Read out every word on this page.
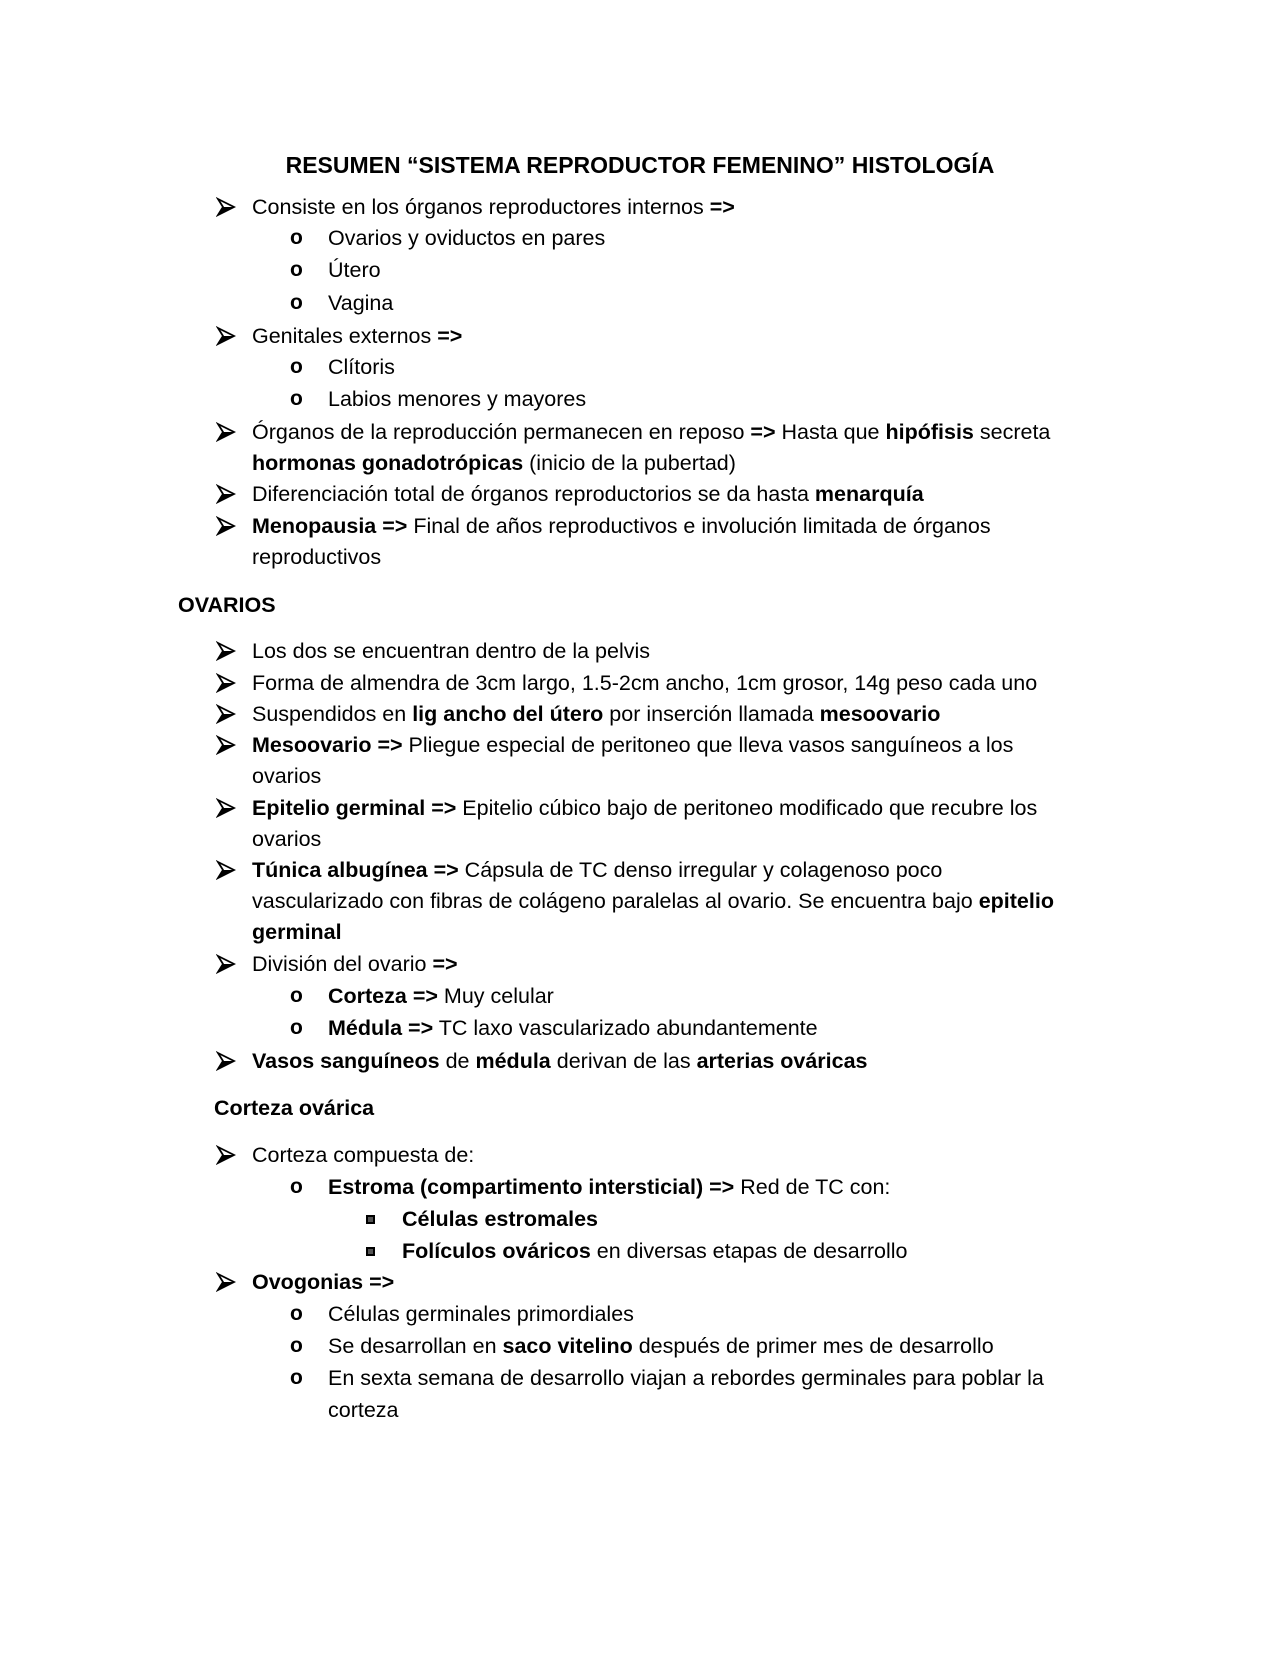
RESUMEN “SISTEMA REPRODUCTOR FEMENINO” HISTOLOGÍA
Consiste en los órganos reproductores internos =>
o Ovarios y oviductos en pares
o Útero
o Vagina
Genitales externos =>
o Clítoris
o Labios menores y mayores
Órganos de la reproducción permanecen en reposo => Hasta que hipófisis secreta
hormonas gonadotrópicas (inicio de la pubertad)
Diferenciación total de órganos reproductorios se da hasta menarquía
Menopausia => Final de años reproductivos e involución limitada de órganos
reproductivos
OVARIOS
Los dos se encuentran dentro de la pelvis
Forma de almendra de 3cm largo, 1.5-2cm ancho, 1cm grosor, 14g peso cada uno
Suspendidos en lig ancho del útero por inserción llamada mesoovario
Mesoovario => Pliegue especial de peritoneo que lleva vasos sanguíneos a los
ovarios
Epitelio germinal => Epitelio cúbico bajo de peritoneo modificado que recubre los
ovarios
Túnica albugínea => Cápsula de TC denso irregular y colagenoso poco
vascularizado con fibras de colágeno paralelas al ovario. Se encuentra bajo epitelio
germinal
División del ovario =>
o Corteza => Muy celular
o Médula => TC laxo vascularizado abundantemente
Vasos sanguíneos de médula derivan de las arterias ováricas
Corteza ovárica
Corteza compuesta de:
o Estroma (compartimento intersticial) => Red de TC con:
Células estromales
Folículos ováricos en diversas etapas de desarrollo
Ovogonias =>
o Células germinales primordiales
o Se desarrollan en saco vitelino después de primer mes de desarrollo
o En sexta semana de desarrollo viajan a rebordes germinales para poblar la
corteza
